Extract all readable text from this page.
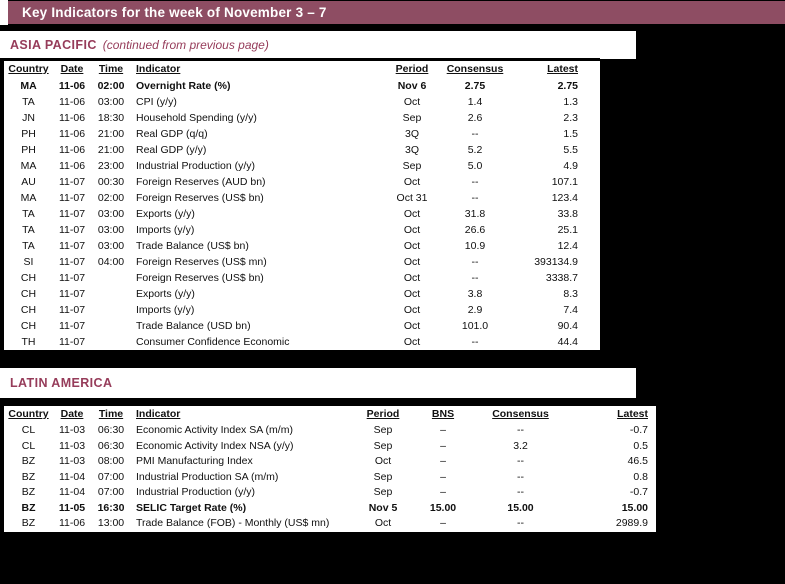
Key Indicators for the week of November 3 – 7
ASIA PACIFIC (continued from previous page)
Country	Date	Time	Indicator	Period	Consensus	Latest
MA	11-06	02:00	Overnight Rate (%)	Nov 6	2.75	2.75
TA	11-06	03:00	CPI (y/y)	Oct	1.4	1.3
JN	11-06	18:30	Household Spending (y/y)	Sep	2.6	2.3
PH	11-06	21:00	Real GDP (q/q)	3Q	--	1.5
PH	11-06	21:00	Real GDP (y/y)	3Q	5.2	5.5
MA	11-06	23:00	Industrial Production (y/y)	Sep	5.0	4.9
AU	11-07	00:30	Foreign Reserves (AUD bn)	Oct	--	107.1
MA	11-07	02:00	Foreign Reserves (US$ bn)	Oct 31	--	123.4
TA	11-07	03:00	Exports (y/y)	Oct	31.8	33.8
TA	11-07	03:00	Imports (y/y)	Oct	26.6	25.1
TA	11-07	03:00	Trade Balance (US$ bn)	Oct	10.9	12.4
SI	11-07	04:00	Foreign Reserves (US$ mn)	Oct	--	393134.9
CH	11-07		Foreign Reserves (US$ bn)	Oct	--	3338.7
CH	11-07		Exports (y/y)	Oct	3.8	8.3
CH	11-07		Imports (y/y)	Oct	2.9	7.4
CH	11-07		Trade Balance (USD bn)	Oct	101.0	90.4
TH	11-07		Consumer Confidence Economic	Oct	--	44.4
LATIN AMERICA
Country	Date	Time	Indicator	Period	BNS	Consensus	Latest
CL	11-03	06:30	Economic Activity Index SA (m/m)	Sep	–	--	-0.7
CL	11-03	06:30	Economic Activity Index NSA (y/y)	Sep	–	3.2	0.5
BZ	11-03	08:00	PMI Manufacturing Index	Oct	–	--	46.5
BZ	11-04	07:00	Industrial Production SA (m/m)	Sep	–	--	0.8
BZ	11-04	07:00	Industrial Production (y/y)	Sep	–	--	-0.7
BZ	11-05	16:30	SELIC Target Rate (%)	Nov 5	15.00	15.00	15.00
BZ	11-06	13:00	Trade Balance (FOB) - Monthly (US$ mn)	Oct	–	--	2989.9
